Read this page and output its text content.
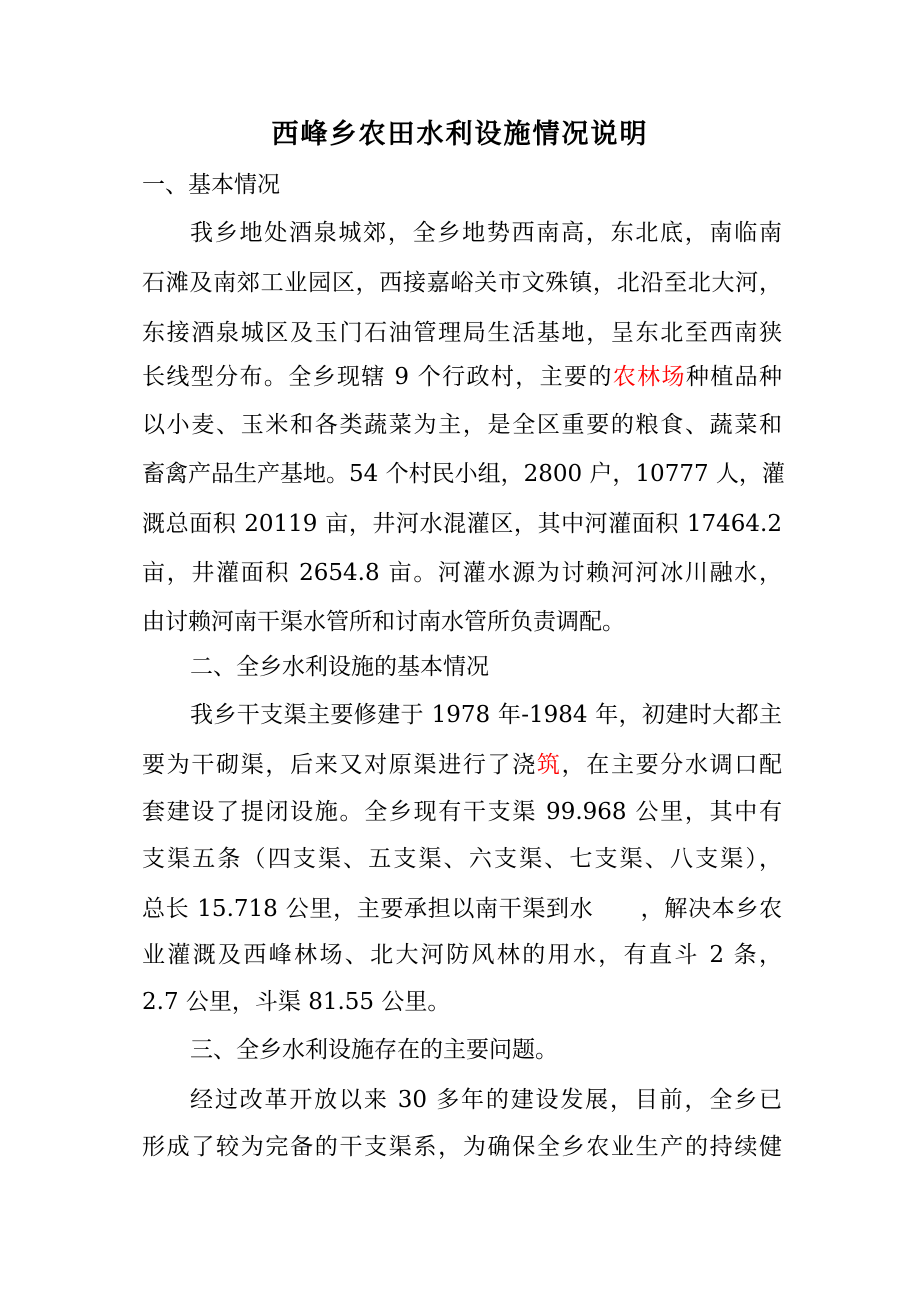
西峰乡农田水利设施情况说明
一、基本情况
我乡地处酒泉城郊，全乡地势西南高，东北底，南临南
石滩及南郊工业园区，西接嘉峪关市文殊镇，北沿至北大河，
东接酒泉城区及玉门石油管理局生活基地，呈东北至西南狭
长线型分布。全乡现辖 9 个行政村，主要的农林场种植品种
以小麦、玉米和各类蔬菜为主，是全区重要的粮食、蔬菜和
畜禽产品生产基地。54 个村民小组，2800 户，10777 人，灌
溉总面积 20119 亩，井河水混灌区，其中河灌面积 17464.2
亩，井灌面积 2654.8 亩。河灌水源为讨赖河河冰川融水，
由讨赖河南干渠水管所和讨南水管所负责调配。
二、全乡水利设施的基本情况
我乡干支渠主要修建于 1978 年-1984 年，初建时大都主
要为干砌渠，后来又对原渠进行了浇筑，在主要分水调口配
套建设了提闭设施。全乡现有干支渠 99.968 公里，其中有
支渠五条（四支渠、五支渠、六支渠、七支渠、八支渠），
总长 15.718 公里，主要承担以南干渠到水　　，解决本乡农
业灌溉及西峰林场、北大河防风林的用水，有直斗 2 条，
2.7 公里，斗渠 81.55 公里。
三、全乡水利设施存在的主要问题。
经过改革开放以来 30 多年的建设发展，目前，全乡已
形成了较为完备的干支渠系，为确保全乡农业生产的持续健
